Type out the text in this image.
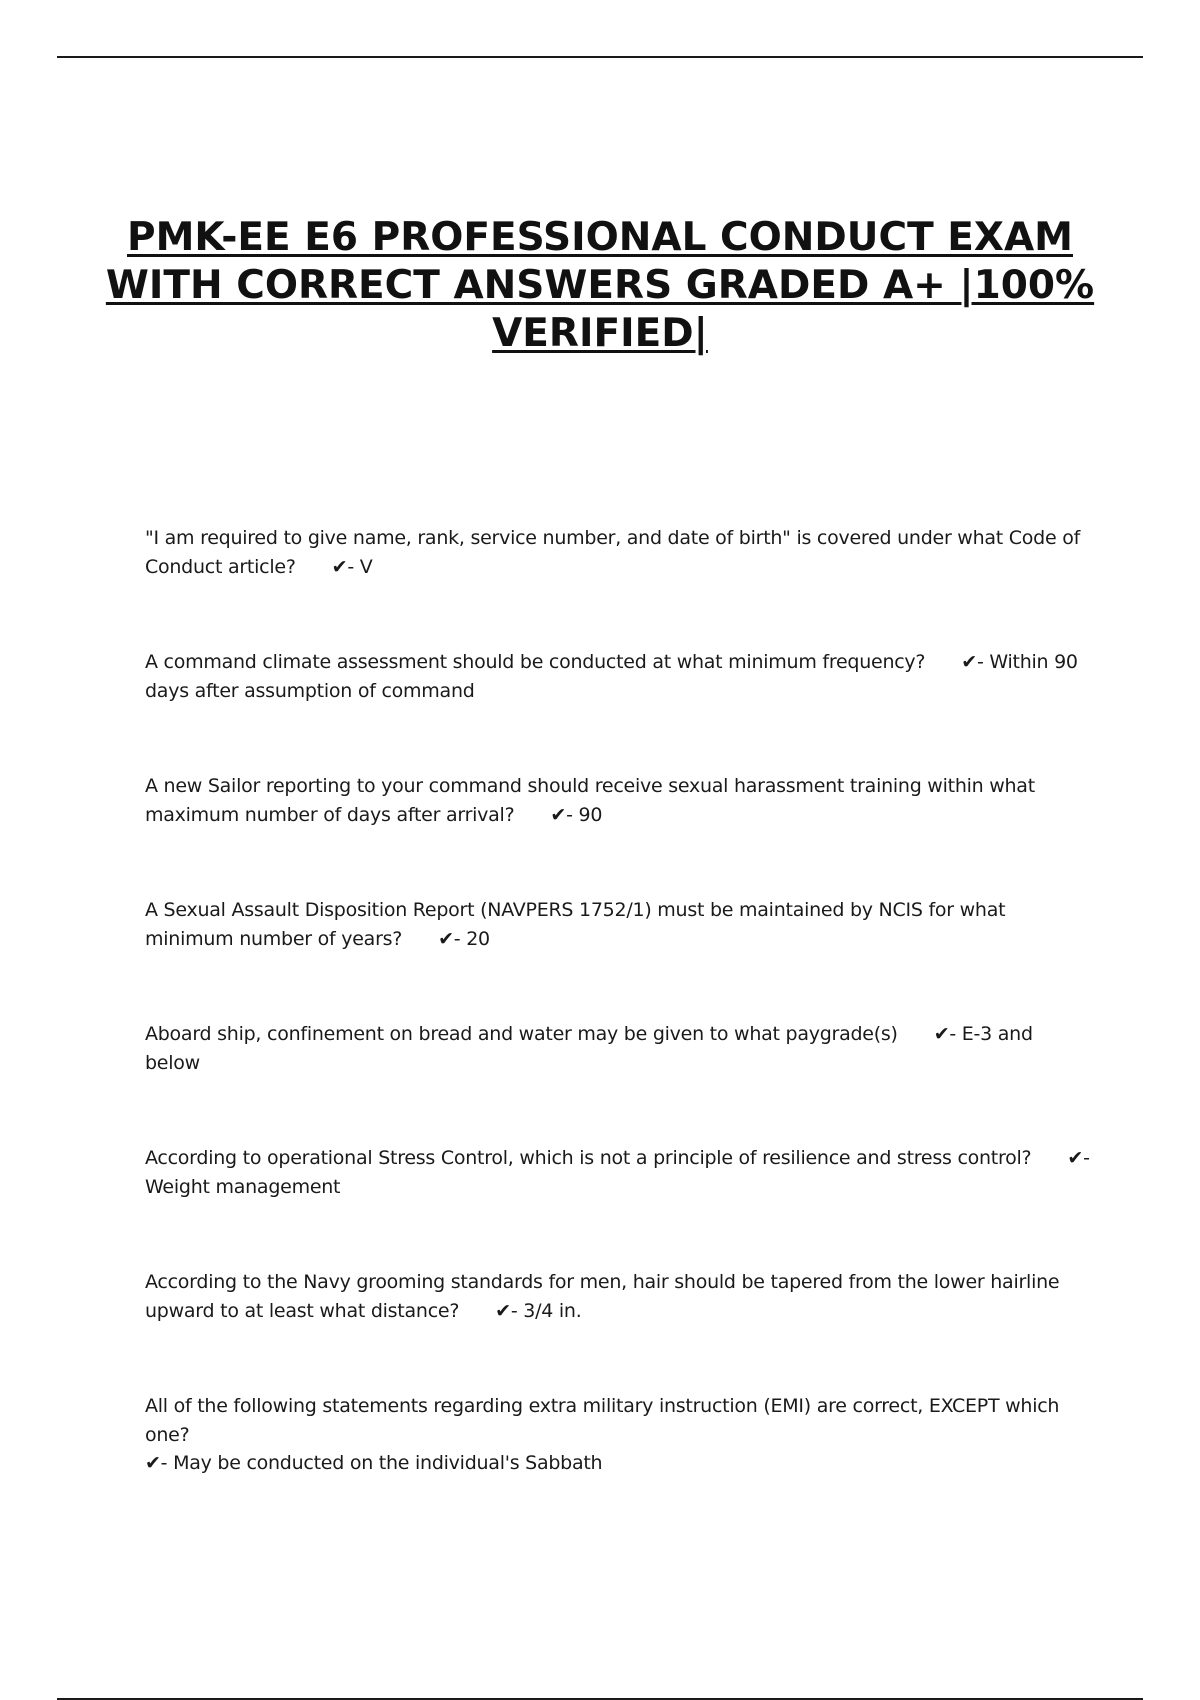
PMK-EE E6 PROFESSIONAL CONDUCT EXAM WITH CORRECT ANSWERS GRADED A+ |100% VERIFIED|
"I am required to give name, rank, service number, and date of birth" is covered under what Code of Conduct article? ✔- V
A command climate assessment should be conducted at what minimum frequency? ✔- Within 90 days after assumption of command
A new Sailor reporting to your command should receive sexual harassment training within what maximum number of days after arrival? ✔- 90
A Sexual Assault Disposition Report (NAVPERS 1752/1) must be maintained by NCIS for what minimum number of years? ✔- 20
Aboard ship, confinement on bread and water may be given to what paygrade(s) ✔- E-3 and below
According to operational Stress Control, which is not a principle of resilience and stress control? ✔- Weight management
According to the Navy grooming standards for men, hair should be tapered from the lower hairline upward to at least what distance? ✔- 3/4 in.
All of the following statements regarding extra military instruction (EMI) are correct, EXCEPT which one?
✔- May be conducted on the individual's Sabbath
